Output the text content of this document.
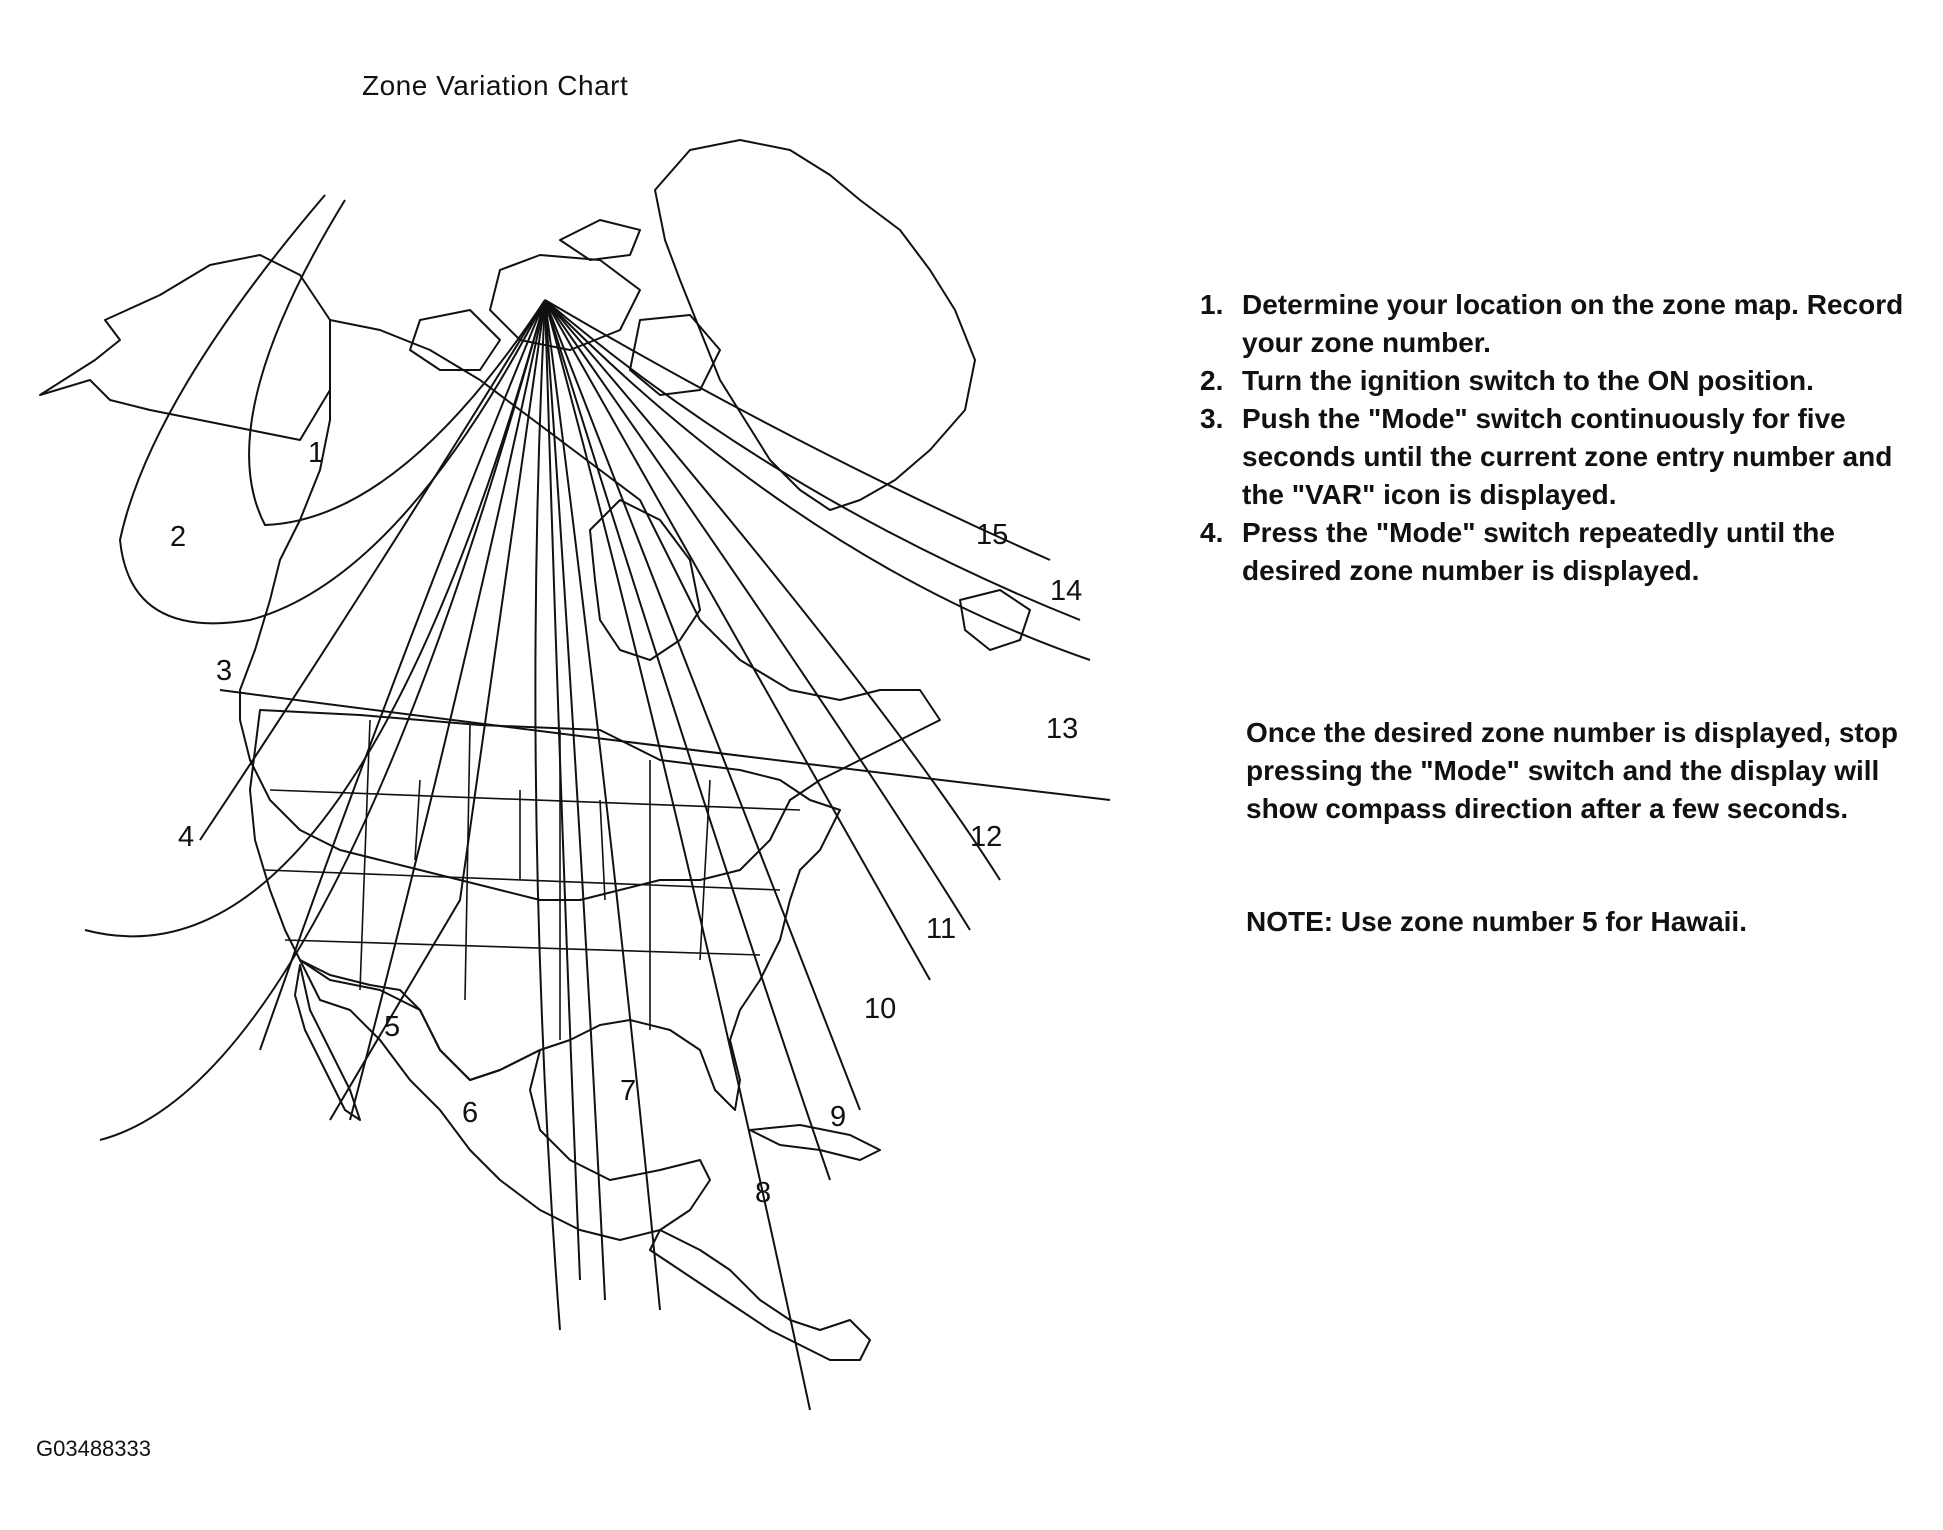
Zone Variation Chart
1
2
3
4
5
6
7
8
9
10
11
12
13
14
15
1. Determine your location on the zone map. Record your zone number.
2. Turn the ignition switch to the ON position.
3. Push the "Mode" switch continuously for five seconds until the current zone entry number and the "VAR" icon is displayed.
4. Press the "Mode" switch repeatedly until the desired zone number is displayed.

Once the desired zone number is displayed, stop pressing the "Mode" switch and the display will show compass direction after a few seconds.

NOTE: Use zone number 5 for Hawaii.

G03488333
